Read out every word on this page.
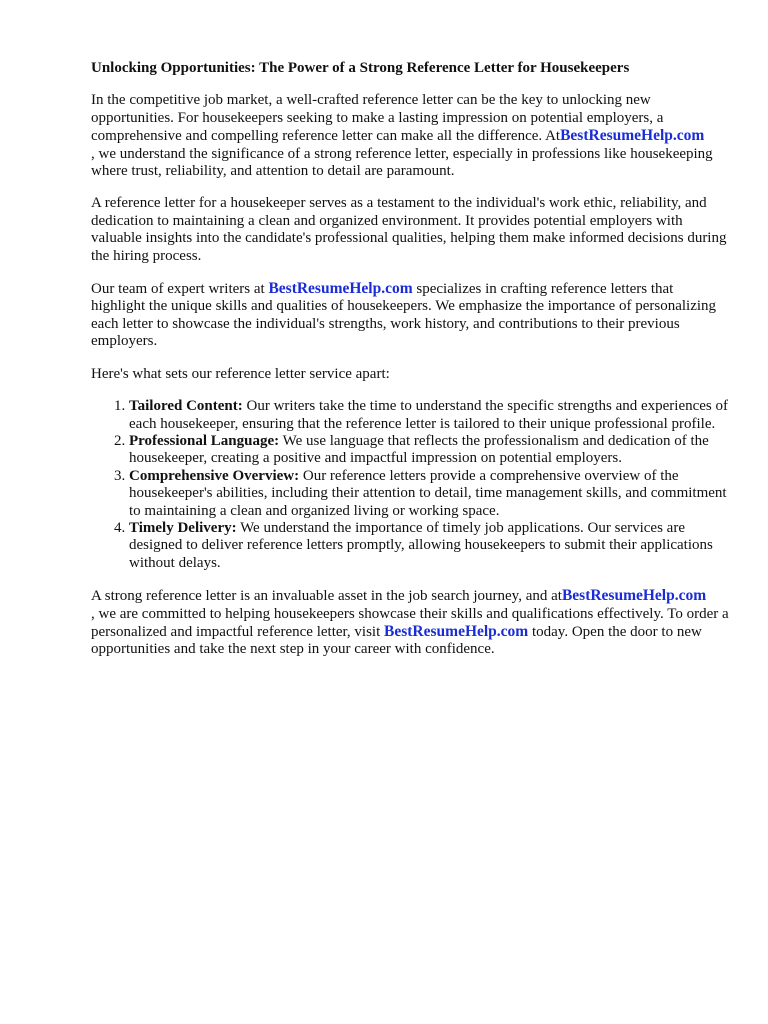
Unlocking Opportunities: The Power of a Strong Reference Letter for Housekeepers

In the competitive job market, a well-crafted reference letter can be the key to unlocking new opportunities. For housekeepers seeking to make a lasting impression on potential employers, a comprehensive and compelling reference letter can make all the difference. AtBestResumeHelp.com
, we understand the significance of a strong reference letter, especially in professions like housekeeping where trust, reliability, and attention to detail are paramount.

A reference letter for a housekeeper serves as a testament to the individual's work ethic, reliability, and dedication to maintaining a clean and organized environment. It provides potential employers with valuable insights into the candidate's professional qualities, helping them make informed decisions during the hiring process.

Our team of expert writers at BestResumeHelp.com specializes in crafting reference letters that highlight the unique skills and qualities of housekeepers. We emphasize the importance of personalizing each letter to showcase the individual's strengths, work history, and contributions to their previous employers.

Here's what sets our reference letter service apart:

1. Tailored Content: Our writers take the time to understand the specific strengths and experiences of each housekeeper, ensuring that the reference letter is tailored to their unique professional profile.
2. Professional Language: We use language that reflects the professionalism and dedication of the housekeeper, creating a positive and impactful impression on potential employers.
3. Comprehensive Overview: Our reference letters provide a comprehensive overview of the housekeeper's abilities, including their attention to detail, time management skills, and commitment to maintaining a clean and organized living or working space.
4. Timely Delivery: We understand the importance of timely job applications. Our services are designed to deliver reference letters promptly, allowing housekeepers to submit their applications without delays.

A strong reference letter is an invaluable asset in the job search journey, and atBestResumeHelp.com
, we are committed to helping housekeepers showcase their skills and qualifications effectively. To order a personalized and impactful reference letter, visit BestResumeHelp.com today. Open the door to new opportunities and take the next step in your career with confidence.
